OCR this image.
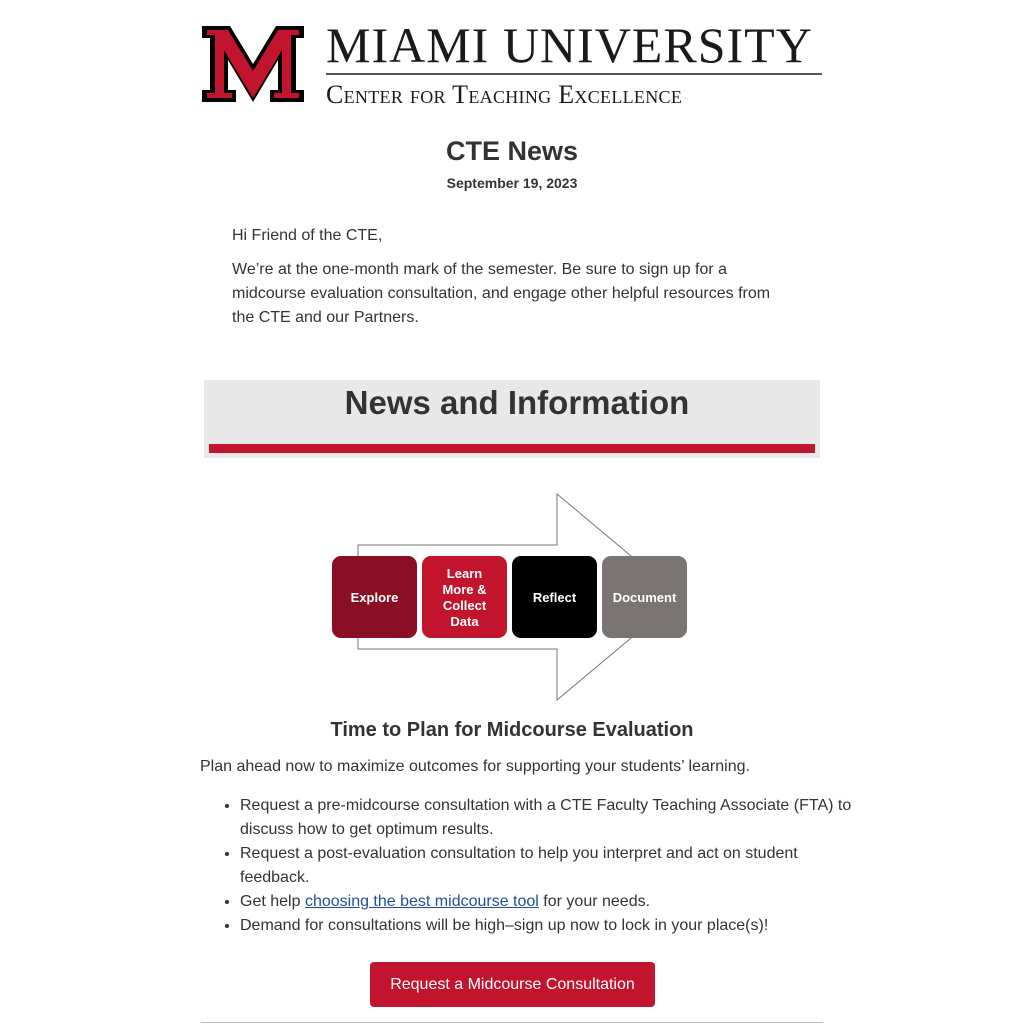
MIAMI UNIVERSITY
Center for Teaching Excellence
CTE News
September 19, 2023
Hi Friend of the CTE,
We’re at the one-month mark of the semester. Be sure to sign up for a midcourse evaluation consultation, and engage other helpful resources from the CTE and our Partners.
News and Information
Explore
Learn
More &
Collect
Data
Reflect	Document
Time to Plan for Midcourse Evaluation
Plan ahead now to maximize outcomes for supporting your students’ learning.
• Request a pre-midcourse consultation with a CTE Faculty Teaching Associate (FTA) to discuss how to get optimum results.
• Request a post-evaluation consultation to help you interpret and act on student feedback.
• Get help choosing the best midcourse tool for your needs.
• Demand for consultations will be high–sign up now to lock in your place(s)!
Request a Midcourse Consultation
